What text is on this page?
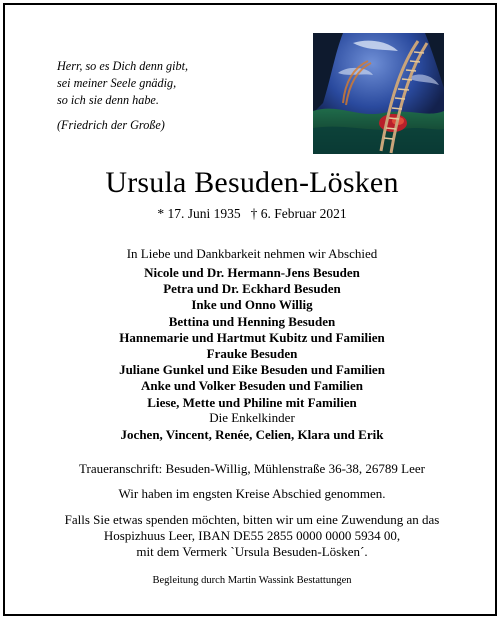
Herr, so es Dich denn gibt,
sei meiner Seele gnädig,
so ich sie denn habe.
(Friedrich der Große)
Ursula Besuden-Lösken
* 17. Juni 1935 † 6. Februar 2021
In Liebe und Dankbarkeit nehmen wir Abschied
Nicole und Dr. Hermann-Jens Besuden
Petra und Dr. Eckhard Besuden
Inke und Onno Willig
Bettina und Henning Besuden
Hannemarie und Hartmut Kubitz und Familien
Frauke Besuden
Juliane Gunkel und Eike Besuden und Familien
Anke und Volker Besuden und Familien
Liese, Mette und Philine mit Familien
Die Enkelkinder
Jochen, Vincent, Renée, Celien, Klara und Erik
Traueranschrift: Besuden-Willig, Mühlenstraße 36-38, 26789 Leer
Wir haben im engsten Kreise Abschied genommen.
Falls Sie etwas spenden möchten, bitten wir um eine Zuwendung an das
Hospizhuus Leer, IBAN DE55 2855 0000 0000 5934 00,
mit dem Vermerk `Ursula Besuden-Lösken´.
Begleitung durch Martin Wassink Bestattungen
